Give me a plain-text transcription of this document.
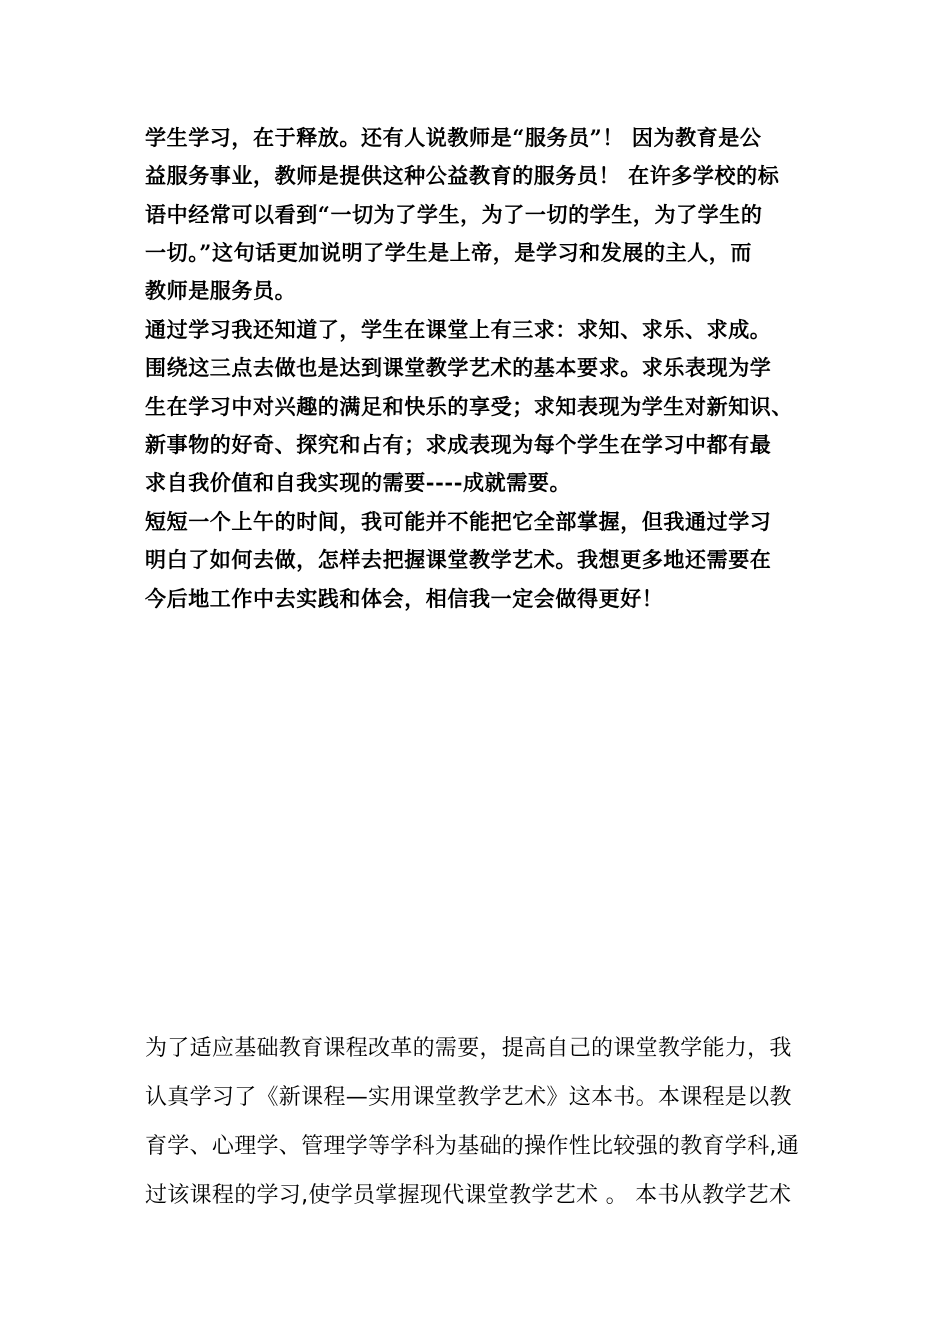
学生学习，在于释放。还有人说教师是“服务员”！ 因为教育是公

益服务事业，教师是提供这种公益教育的服务员！ 在许多学校的标

语中经常可以看到“一切为了学生，为了一切的学生，为了学生的

一切。”这句话更加说明了学生是上帝，是学习和发展的主人，而

教师是服务员。

通过学习我还知道了，学生在课堂上有三求：求知、求乐、求成。

围绕这三点去做也是达到课堂教学艺术的基本要求。求乐表现为学

生在学习中对兴趣的满足和快乐的享受；求知表现为学生对新知识、

新事物的好奇、探究和占有；求成表现为每个学生在学习中都有最

求自我价值和自我实现的需要----成就需要。

短短一个上午的时间，我可能并不能把它全部掌握，但我通过学习

明白了如何去做，怎样去把握课堂教学艺术。我想更多地还需要在

今后地工作中去实践和体会，相信我一定会做得更好！

为了适应基础教育课程改革的需要，提高自己的课堂教学能力，我

认真学习了《新课程—实用课堂教学艺术》这本书。本课程是以教

育学、心理学、管理学等学科为基础的操作性比较强的教育学科,通

过该课程的学习,使学员掌握现代课堂教学艺术 。 本书从教学艺术
